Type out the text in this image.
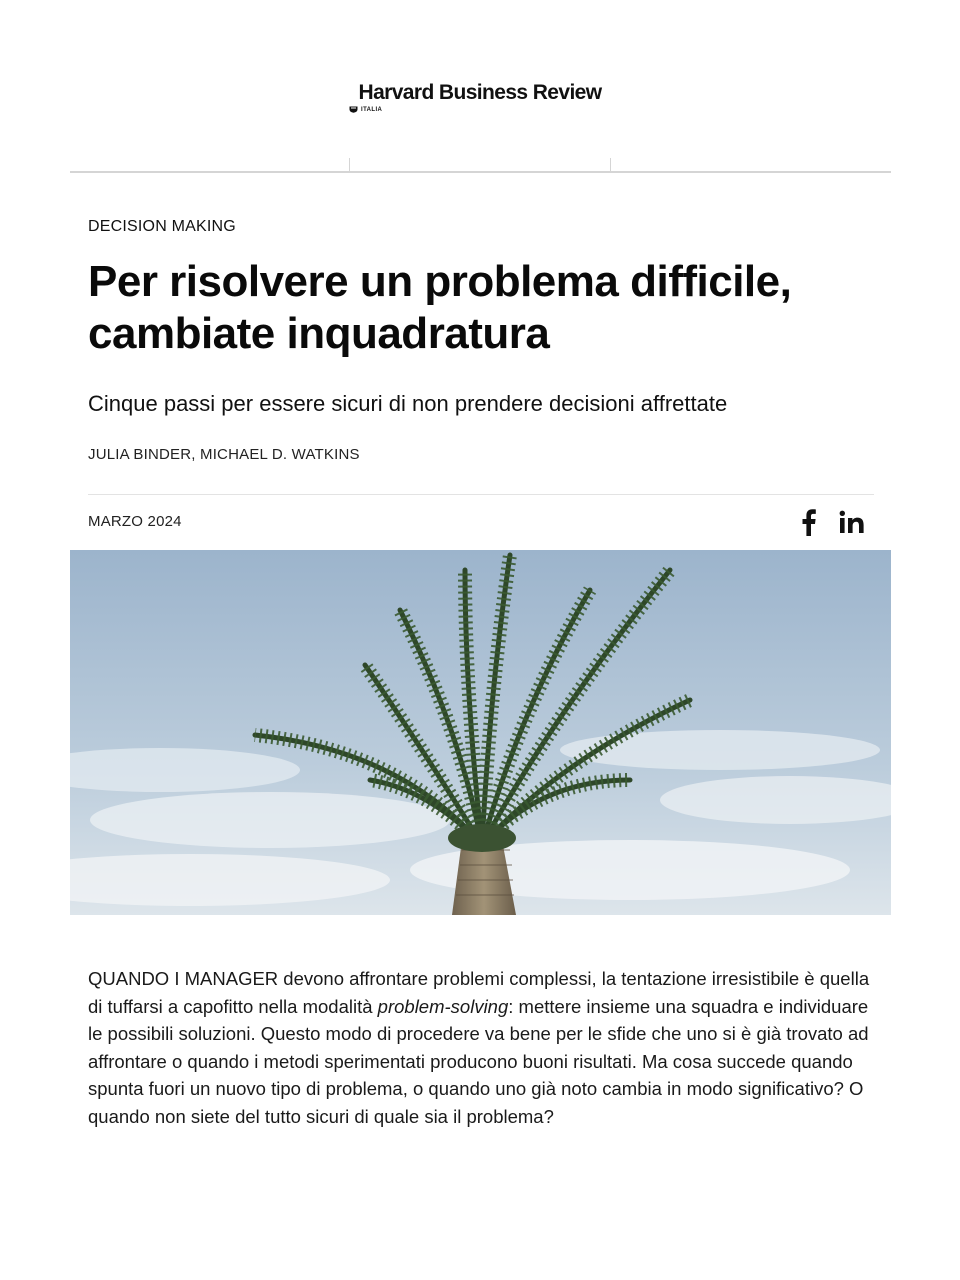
Harvard Business Review
ITALIA
DECISION MAKING
Per risolvere un problema difficile,
cambiate inquadratura
Cinque passi per essere sicuri di non prendere decisioni affrettate
JULIA BINDER, MICHAEL D. WATKINS
MARZO 2024

QUANDO I MANAGER devono affrontare problemi complessi, la tentazione irresistibile è quella di tuffarsi a capofitto nella modalità problem-solving: mettere insieme una squadra e individuare le possibili soluzioni. Questo modo di procedere va bene per le sfide che uno si è già trovato ad affrontare o quando i metodi sperimentati producono buoni risultati. Ma cosa succede quando spunta fuori un nuovo tipo di problema, o quando uno già noto cambia in modo significativo? O quando non siete del tutto sicuri di quale sia il problema?
